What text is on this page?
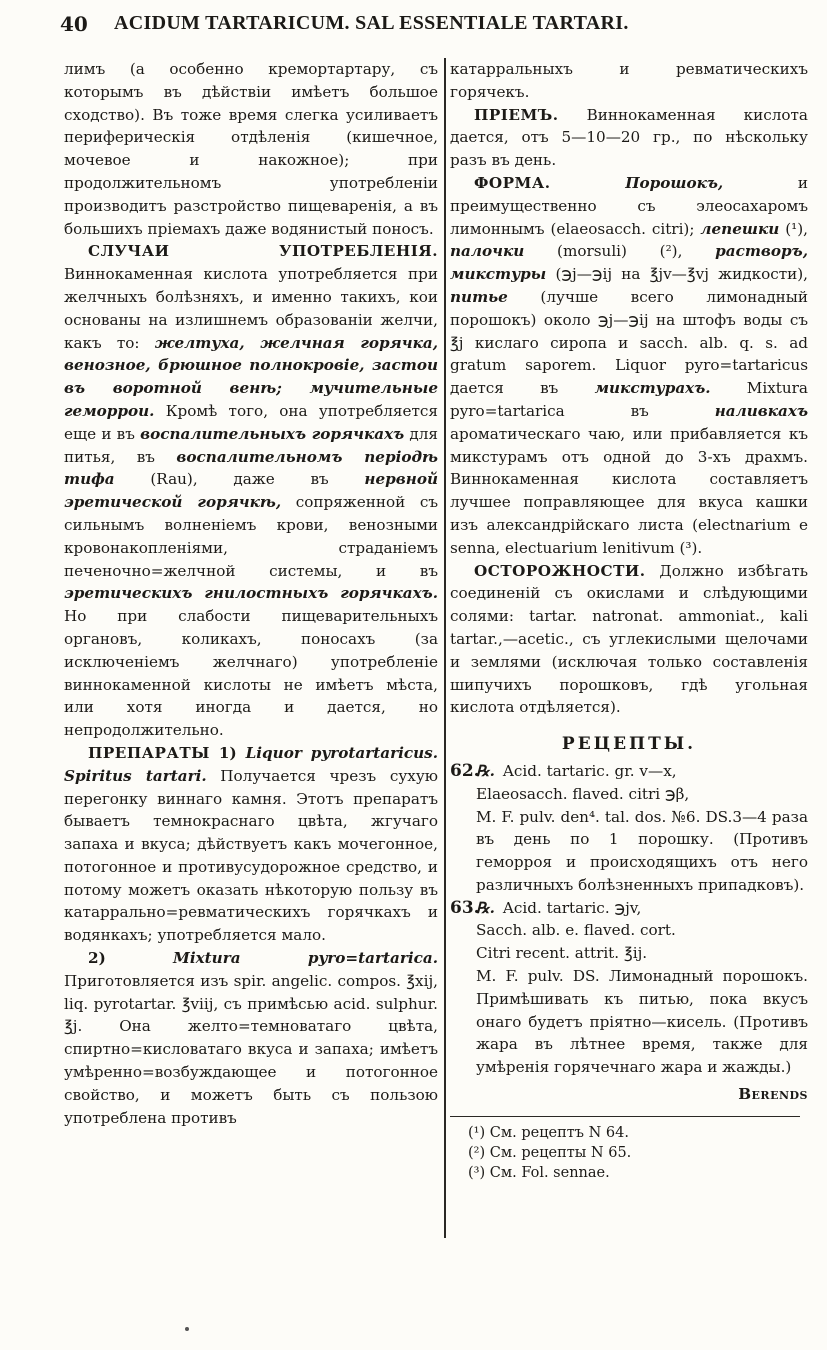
40 ACIDUM TARTARICUM. SAL ESSENTIALE TARTARI.

лимъ (а особенно кремортартару, съ которымъ въ дѣйствіи имѣетъ большое сходство). Въ тоже время слегка усиливаетъ периферическія отдѣленія (кишечное, мочевое и накожное); при продолжительномъ употребленіи производитъ разстройство пищеваренія, а въ большихъ пріемахъ даже водянистый поносъ.

СЛУЧАИ УПОТРЕБЛЕНІЯ. Виннокаменная кислота употребляется при желчныхъ болѣзняхъ, и именно такихъ, кои основаны на излишнемъ образованіи желчи, какъ то: желтуха, желчная горячка, венозное, брюшное полнокровіе, застои въ воротной венѣ; мучительные геморрои. Кромѣ того, она употребляется еще и въ воспалительныхъ горячкахъ для питья, въ воспалительномъ періодѣ тифа (Rau), даже въ нервной эретической горячкѣ, сопряженной съ сильнымъ волненіемъ крови, венозными кровонакопленіями, страданіемъ печеночно=желчной системы, и въ эретическихъ гнилостныхъ горячкахъ. Но при слабости пищеварительныхъ органовъ, коликахъ, поносахъ (за исключеніемъ желчнаго) употребленіе виннокаменной кислоты не имѣетъ мѣста, или хотя иногда и дается, но непродолжительно.

ПРЕПАРАТЫ 1) Liquor pyrotartaricus. Spiritus tartari. Получается чрезъ сухую перегонку виннаго камня. Этотъ препаратъ бываетъ темнокраснаго цвѣта, жгучаго запаха и вкуса; дѣйствуетъ какъ мочегонное, потогонное и противусудорожное средство, и потому можетъ оказать нѣкоторую пользу въ катаррально=ревматическихъ горячкахъ и водянкахъ; употребляется мало.

2) Mixtura pyro=tartarica. Приготовляется изъ spir. angelic. compos. ℥xij, liq. pyrotartar. ℥viij, съ примѣсью acid. sulphur. ℥j. Она желто=темноватаго цвѣта, спиртно=кисловатаго вкуса и запаха; имѣетъ умѣренно=возбуждающее и потогонное свойство, и можетъ быть съ пользою употреблена противъ

катарральныхъ и ревматическихъ горячекъ.

ПРІЕМЪ. Виннокаменная кислота дается, отъ 5—10—20 гр., по нѣскольку разъ въ день.

ФОРМА.	Порошокъ, и преимущественно съ элеосахаромъ лимоннымъ (elaeosacch. citri); лепешки (¹), палочки (morsuli) (²), растворъ, микстуры (℈j—℈ij на ℥jv—℥vj жидкости), питье (лучше всего лимонадный порошокъ) около ℈j—℈ij на штофъ воды съ ℥j кислаго сиропа и sacch. alb. q. s. ad gratum saporem. Liquor pyro=tartaricus дается въ микстурахъ. Mixtura pyro=tartarica въ наливкахъ ароматическаго чаю, или прибавляется къ микстурамъ отъ одной до 3-хъ драхмъ. Виннокаменная кислота составляетъ лучшее поправляющее для вкуса кашки изъ александрійскаго листа (electnarium e senna, electuarium lenitivum (³).

ОСТОРОЖНОСТИ. Должно избѣгать соединеній съ окислами и слѣдующими солями: tartar. natronat. ammoniat., kali tartar.,—acetic., съ углекислыми щелочами и землями (исключая только составленія шипучихъ порошковъ, гдѣ угольная кислота отдѣляется).

РЕЦЕПТЫ.
62.
℞. Acid. tartaric. gr. v—x,
Elaeosacch. flaved. citri ℈β,
M. F. pulv. den⁴. tal. dos. №6. DS.3—4 раза въ день по 1 порошку. (Противъ геморроя и происходящихъ отъ него различныхъ болѣзненныхъ припадковъ).
63.
℞. Acid. tartaric. ℈jv,
Sacch. alb. e. flaved. cort.
Citri recent. attrit. ℥ij.
M. F. pulv. DS. Лимонадный порошокъ. Примѣшивать къ питью, пока вкусъ онаго будетъ пріятно—кисель. (Противъ жара въ лѣтнее время, также для умѣренія горячечнаго жара и жажды.)
Berends
(¹) См. рецептъ N 64.
(²) См. рецепты N 65.
(³) См. Fol. sennae.
